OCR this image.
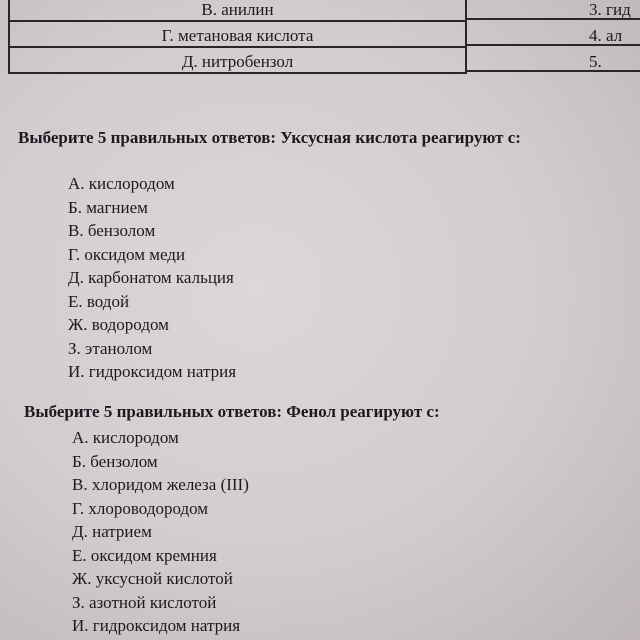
В. анилин	3. гид
Г. метановая кислота	4. ал
Д. нитробензол	5.
Выберите 5 правильных ответов: Уксусная кислота реагируют с:
А. кислородом
Б. магнием
В. бензолом
Г. оксидом меди
Д. карбонатом кальция
Е. водой
Ж. водородом
З. этанолом
И. гидроксидом натрия
Выберите 5 правильных ответов: Фенол реагируют с:
А. кислородом
Б. бензолом
В. хлоридом железа (III)
Г. хлороводородом
Д. натрием
Е. оксидом кремния
Ж. уксусной кислотой
З. азотной кислотой
И. гидроксидом натрия
